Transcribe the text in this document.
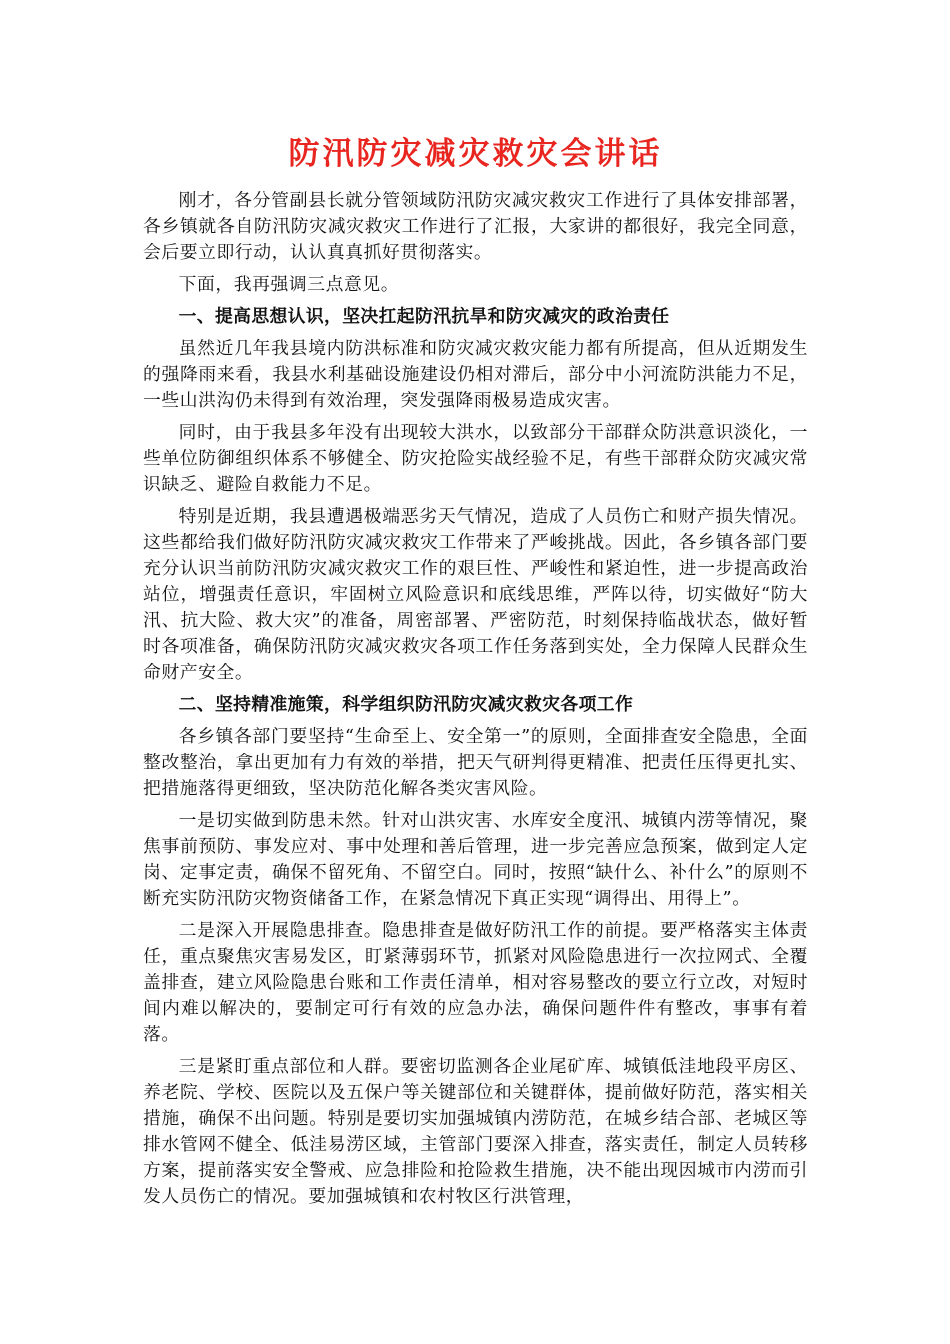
防汛防灾减灾救灾会讲话
刚才，各分管副县长就分管领域防汛防灾减灾救灾工作进行了具体安排部署，各乡镇就各自防汛防灾减灾救灾工作进行了汇报，大家讲的都很好，我完全同意，会后要立即行动，认认真真抓好贯彻落实。
下面，我再强调三点意见。
一、提高思想认识，坚决扛起防汛抗旱和防灾减灾的政治责任
虽然近几年我县境内防洪标准和防灾减灾救灾能力都有所提高，但从近期发生的强降雨来看，我县水利基础设施建设仍相对滞后，部分中小河流防洪能力不足，一些山洪沟仍未得到有效治理，突发强降雨极易造成灾害。
同时，由于我县多年没有出现较大洪水，以致部分干部群众防洪意识淡化，一些单位防御组织体系不够健全、防灾抢险实战经验不足，有些干部群众防灾减灾常识缺乏、避险自救能力不足。
特别是近期，我县遭遇极端恶劣天气情况，造成了人员伤亡和财产损失情况。这些都给我们做好防汛防灾减灾救灾工作带来了严峻挑战。因此，各乡镇各部门要充分认识当前防汛防灾减灾救灾工作的艰巨性、严峻性和紧迫性，进一步提高政治站位，增强责任意识，牢固树立风险意识和底线思维，严阵以待，切实做好“防大汛、抗大险、救大灾”的准备，周密部署、严密防范，时刻保持临战状态，做好暂时各项准备，确保防汛防灾减灾救灾各项工作任务落到实处，全力保障人民群众生命财产安全。
二、坚持精准施策，科学组织防汛防灾减灾救灾各项工作
各乡镇各部门要坚持“生命至上、安全第一”的原则，全面排查安全隐患，全面整改整治，拿出更加有力有效的举措，把天气研判得更精准、把责任压得更扎实、把措施落得更细致，坚决防范化解各类灾害风险。
一是切实做到防患未然。针对山洪灾害、水库安全度汛、城镇内涝等情况，聚焦事前预防、事发应对、事中处理和善后管理，进一步完善应急预案，做到定人定岗、定事定责，确保不留死角、不留空白。同时，按照“缺什么、补什么”的原则不断充实防汛防灾物资储备工作，在紧急情况下真正实现“调得出、用得上”。
二是深入开展隐患排查。隐患排查是做好防汛工作的前提。要严格落实主体责任，重点聚焦灾害易发区，盯紧薄弱环节，抓紧对风险隐患进行一次拉网式、全覆盖排查，建立风险隐患台账和工作责任清单，相对容易整改的要立行立改，对短时间内难以解决的，要制定可行有效的应急办法，确保问题件件有整改，事事有着落。
三是紧盯重点部位和人群。要密切监测各企业尾矿库、城镇低洼地段平房区、养老院、学校、医院以及五保户等关键部位和关键群体，提前做好防范，落实相关措施，确保不出问题。特别是要切实加强城镇内涝防范，在城乡结合部、老城区等排水管网不健全、低洼易涝区域，主管部门要深入排查，落实责任，制定人员转移方案，提前落实安全警戒、应急排险和抢险救生措施，决不能出现因城市内涝而引发人员伤亡的情况。要加强城镇和农村牧区行洪管理，
